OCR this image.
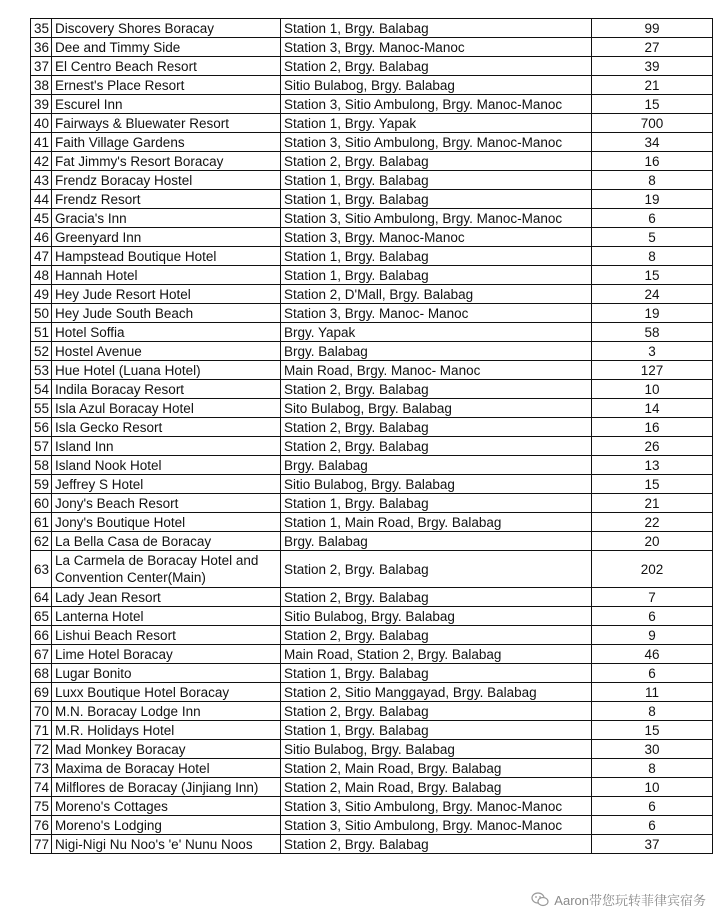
35	Discovery Shores Boracay	Station 1, Brgy. Balabag	99
36	Dee and Timmy Side	Station 3, Brgy. Manoc-Manoc	27
37	El Centro Beach Resort	Station 2, Brgy. Balabag	39
38	Ernest's Place Resort	Sitio Bulabog, Brgy. Balabag	21
39	Escurel Inn	Station 3, Sitio Ambulong, Brgy. Manoc-Manoc	15
40	Fairways & Bluewater Resort	Station 1, Brgy. Yapak	700
41	Faith Village Gardens	Station 3, Sitio Ambulong, Brgy. Manoc-Manoc	34
42	Fat Jimmy's Resort Boracay	Station 2, Brgy. Balabag	16
43	Frendz Boracay Hostel	Station 1, Brgy. Balabag	8
44	Frendz Resort	Station 1, Brgy. Balabag	19
45	Gracia's Inn	Station 3, Sitio Ambulong, Brgy. Manoc-Manoc	6
46	Greenyard Inn	Station 3, Brgy. Manoc-Manoc	5
47	Hampstead Boutique Hotel	Station 1, Brgy. Balabag	8
48	Hannah Hotel	Station 1, Brgy. Balabag	15
49	Hey Jude Resort Hotel	Station 2, D'Mall, Brgy. Balabag	24
50	Hey Jude South Beach	Station 3, Brgy. Manoc- Manoc	19
51	Hotel Soffia	Brgy. Yapak	58
52	Hostel Avenue	Brgy. Balabag	3
53	Hue Hotel (Luana Hotel)	Main Road, Brgy. Manoc- Manoc	127
54	Indila Boracay Resort	Station 2, Brgy. Balabag	10
55	Isla Azul Boracay Hotel	Sito Bulabog, Brgy. Balabag	14
56	Isla Gecko Resort	Station 2, Brgy. Balabag	16
57	Island Inn	Station 2, Brgy. Balabag	26
58	Island Nook Hotel	Brgy. Balabag	13
59	Jeffrey S Hotel	Sitio Bulabog, Brgy. Balabag	15
60	Jony's Beach Resort	Station 1, Brgy. Balabag	21
61	Jony's Boutique Hotel	Station 1, Main Road, Brgy. Balabag	22
62	La Bella Casa de Boracay	Brgy. Balabag	20
63	La Carmela de Boracay Hotel and Convention Center(Main)	Station 2, Brgy. Balabag	202
64	Lady Jean Resort	Station 2, Brgy. Balabag	7
65	Lanterna Hotel	Sitio Bulabog, Brgy. Balabag	6
66	Lishui Beach Resort	Station 2, Brgy. Balabag	9
67	Lime Hotel Boracay	Main Road, Station 2, Brgy. Balabag	46
68	Lugar Bonito	Station 1, Brgy. Balabag	6
69	Luxx Boutique Hotel Boracay	Station 2, Sitio Manggayad, Brgy. Balabag	11
70	M.N. Boracay Lodge Inn	Station 2, Brgy. Balabag	8
71	M.R. Holidays Hotel	Station 1, Brgy. Balabag	15
72	Mad Monkey Boracay	Sitio Bulabog, Brgy. Balabag	30
73	Maxima de Boracay Hotel	Station 2, Main Road, Brgy. Balabag	8
74	Milflores de Boracay (Jinjiang Inn)	Station 2, Main Road, Brgy. Balabag	10
75	Moreno's Cottages	Station 3, Sitio Ambulong, Brgy. Manoc-Manoc	6
76	Moreno's Lodging	Station 3, Sitio Ambulong, Brgy. Manoc-Manoc	6
77	Nigi-Nigi Nu Noo's 'e' Nunu Noos	Station 2, Brgy. Balabag	37
Aaron带您玩转菲律宾宿务
